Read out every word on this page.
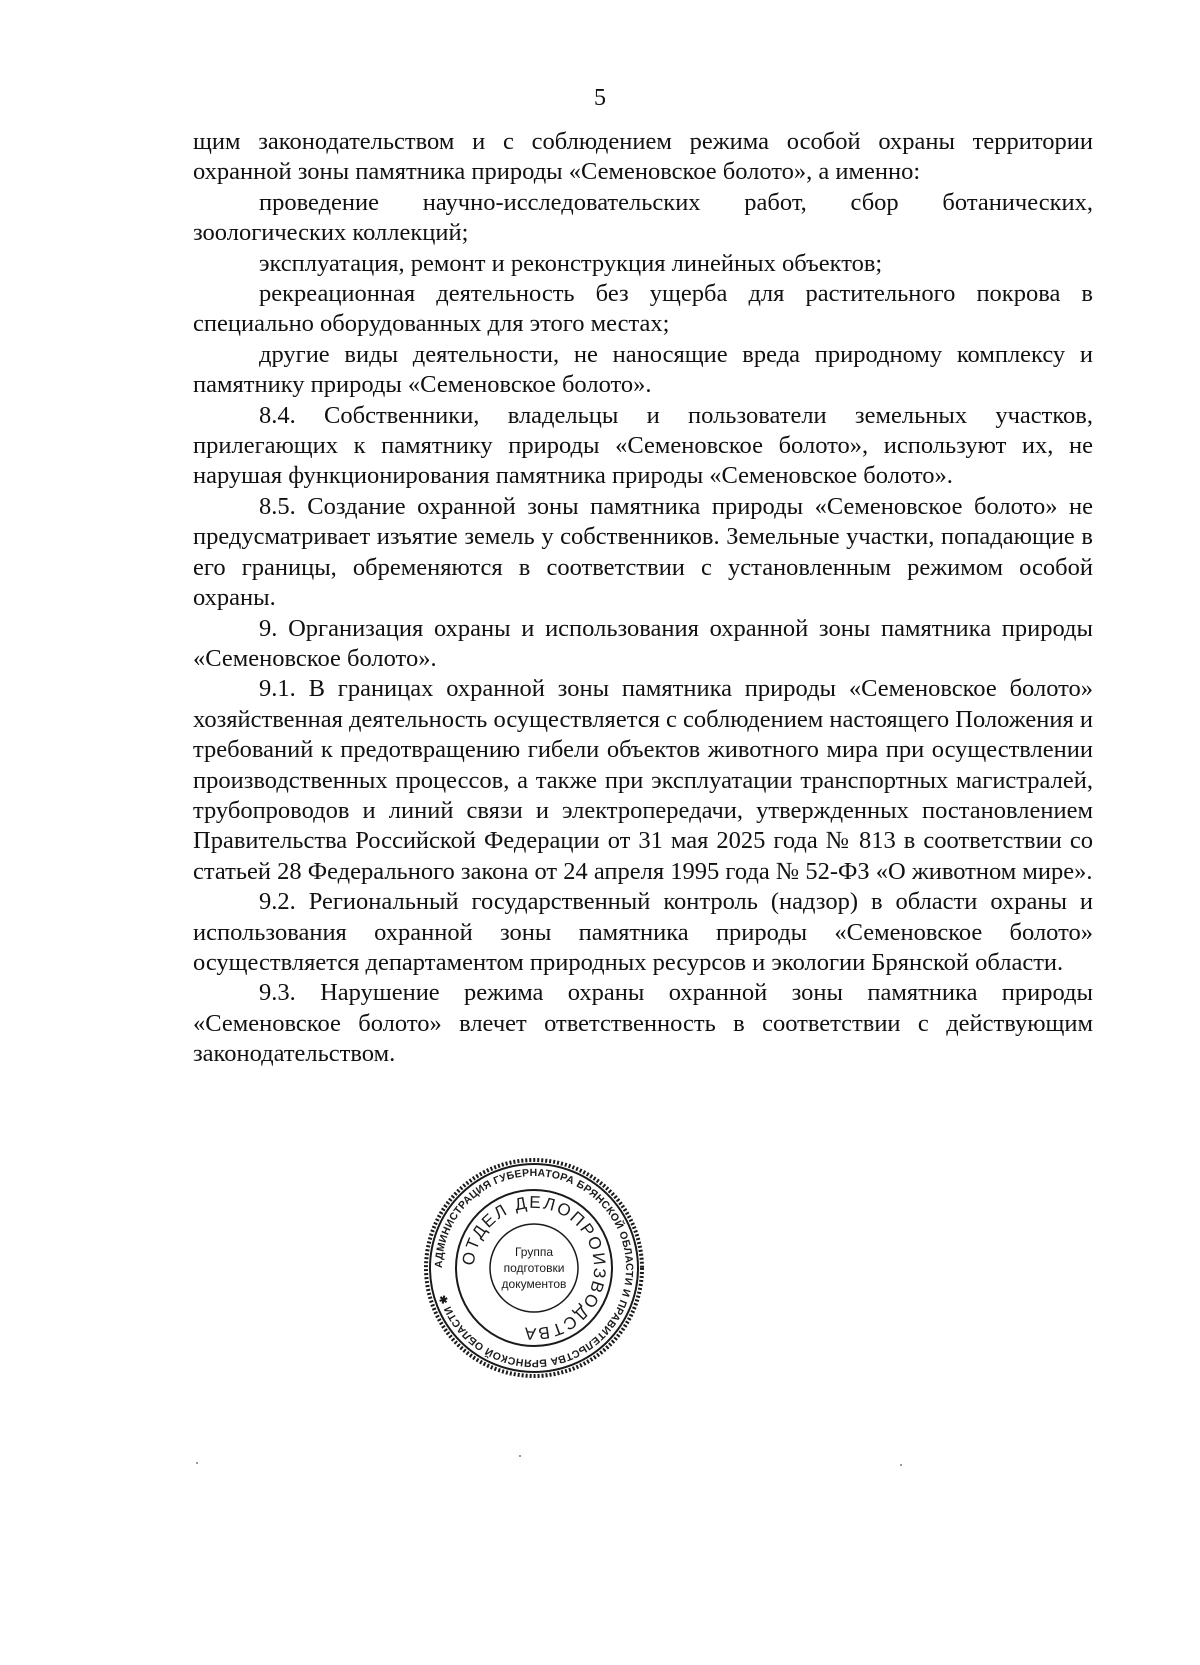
5

щим законодательством и с соблюдением режима особой охраны территории охранной зоны памятника природы «Семеновское болото», а именно:

проведение научно-исследовательских работ, сбор ботанических, зоологических коллекций;

эксплуатация, ремонт и реконструкция линейных объектов;

рекреационная деятельность без ущерба для растительного покрова в специально оборудованных для этого местах;

другие виды деятельности, не наносящие вреда природному комплексу и памятнику природы «Семеновское болото».

8.4. Собственники, владельцы и пользователи земельных участков, прилегающих к памятнику природы «Семеновское болото», используют их, не нарушая функционирования памятника природы «Семеновское болото».

8.5. Создание охранной зоны памятника природы «Семеновское болото» не предусматривает изъятие земель у собственников. Земельные участки, попадающие в его границы, обременяются в соответствии с установленным режимом особой охраны.

9. Организация охраны и использования охранной зоны памятника природы «Семеновское болото».

9.1. В границах охранной зоны памятника природы «Семеновское болото» хозяйственная деятельность осуществляется с соблюдением настоящего Положения и требований к предотвращению гибели объектов животного мира при осуществлении производственных процессов, а также при эксплуатации транспортных магистралей, трубопроводов и линий связи и электропередачи, утвержденных постановлением Правительства Российской Федерации от 31 мая 2025 года № 813 в соответствии со статьей 28 Федерального закона от 24 апреля 1995 года № 52-ФЗ «О животном мире».

9.2. Региональный государственный контроль (надзор) в области охраны и использования охранной зоны памятника природы «Семеновское болото» осуществляется департаментом природных ресурсов и экологии Брянской области.

9.3. Нарушение режима охраны охранной зоны памятника природы «Семеновское болото» влечет ответственность в соответствии с действующим законодательством.

АДМИНИСТРАЦИЯ ГУБЕРНАТОРА БРЯНСКОЙ ОБЛАСТИ И ПРАВИТЕЛЬСТВА БРЯНСКОЙ ОБЛАСТИ ✱
ОТДЕЛ ДЕЛОПРОИЗВОДСТВА
Группа
подготовки
документов
